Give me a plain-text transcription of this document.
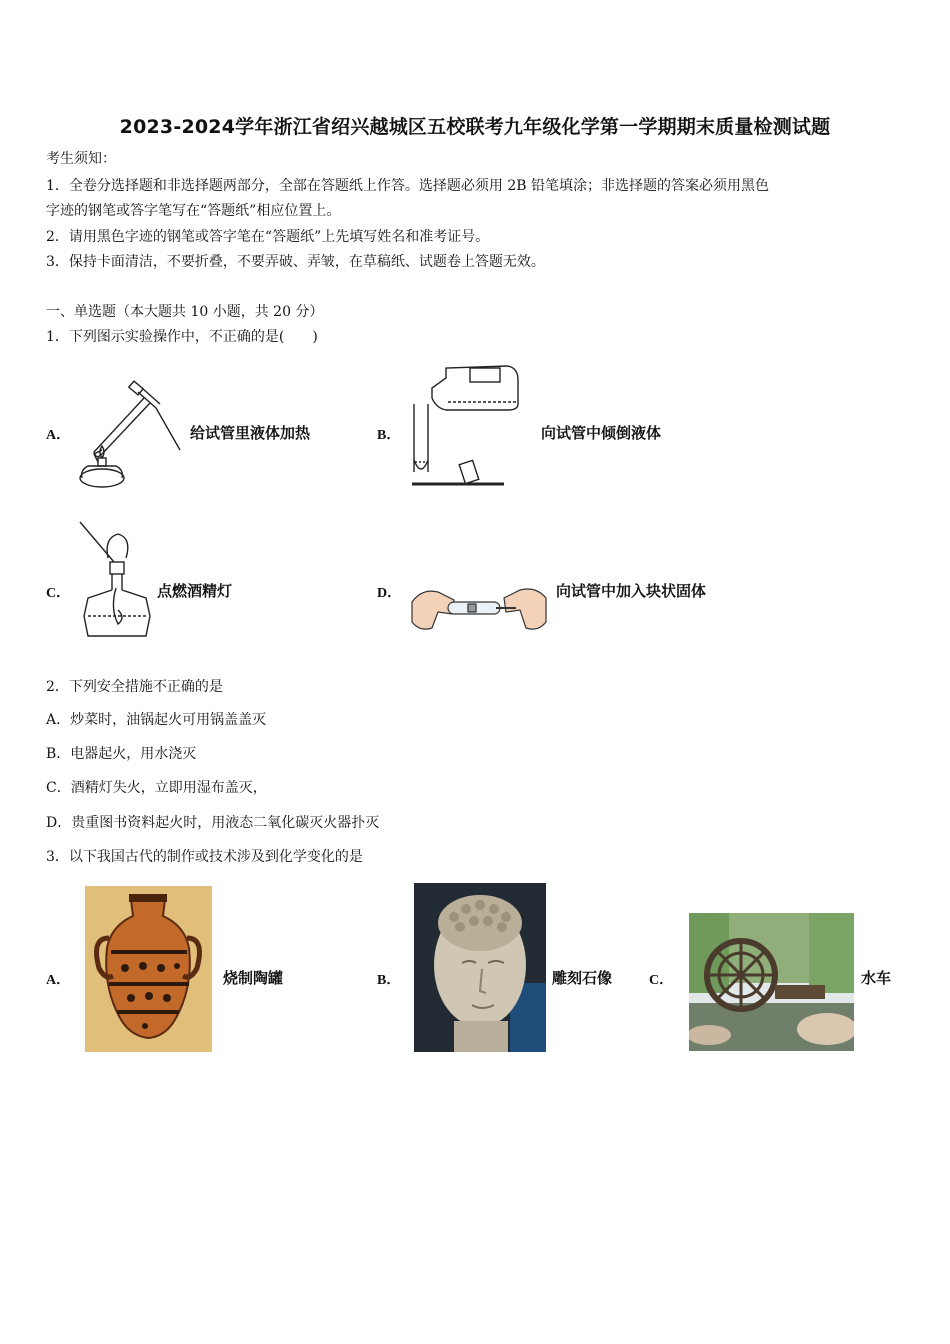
2023-2024学年浙江省绍兴越城区五校联考九年级化学第一学期期末质量检测试题
考生须知：
1．全卷分选择题和非选择题两部分，全部在答题纸上作答。选择题必须用 2B 铅笔填涂；非选择题的答案必须用黑色
字迹的钢笔或答字笔写在“答题纸”相应位置上。
2．请用黑色字迹的钢笔或答字笔在“答题纸”上先填写姓名和准考证号。
3．保持卡面清洁，不要折叠，不要弄破、弄皱，在草稿纸、试题卷上答题无效。
一、单选题（本大题共 10 小题，共 20 分）
1．下列图示实验操作中，不正确的是(　　)
A．	给试管里液体加热	B．	向试管中倾倒液体
C．	点燃酒精灯	D．	向试管中加入块状固体
2．下列安全措施不正确的是
A．炒菜时，油锅起火可用锅盖盖灭
B．电器起火，用水浇灭
C．酒精灯失火，立即用湿布盖灭，
D．贵重图书资料起火时，用液态二氧化碳灭火器扑灭
3．以下我国古代的制作或技术涉及到化学变化的是
A．	烧制陶罐	B．	雕刻石像	C．	水车
